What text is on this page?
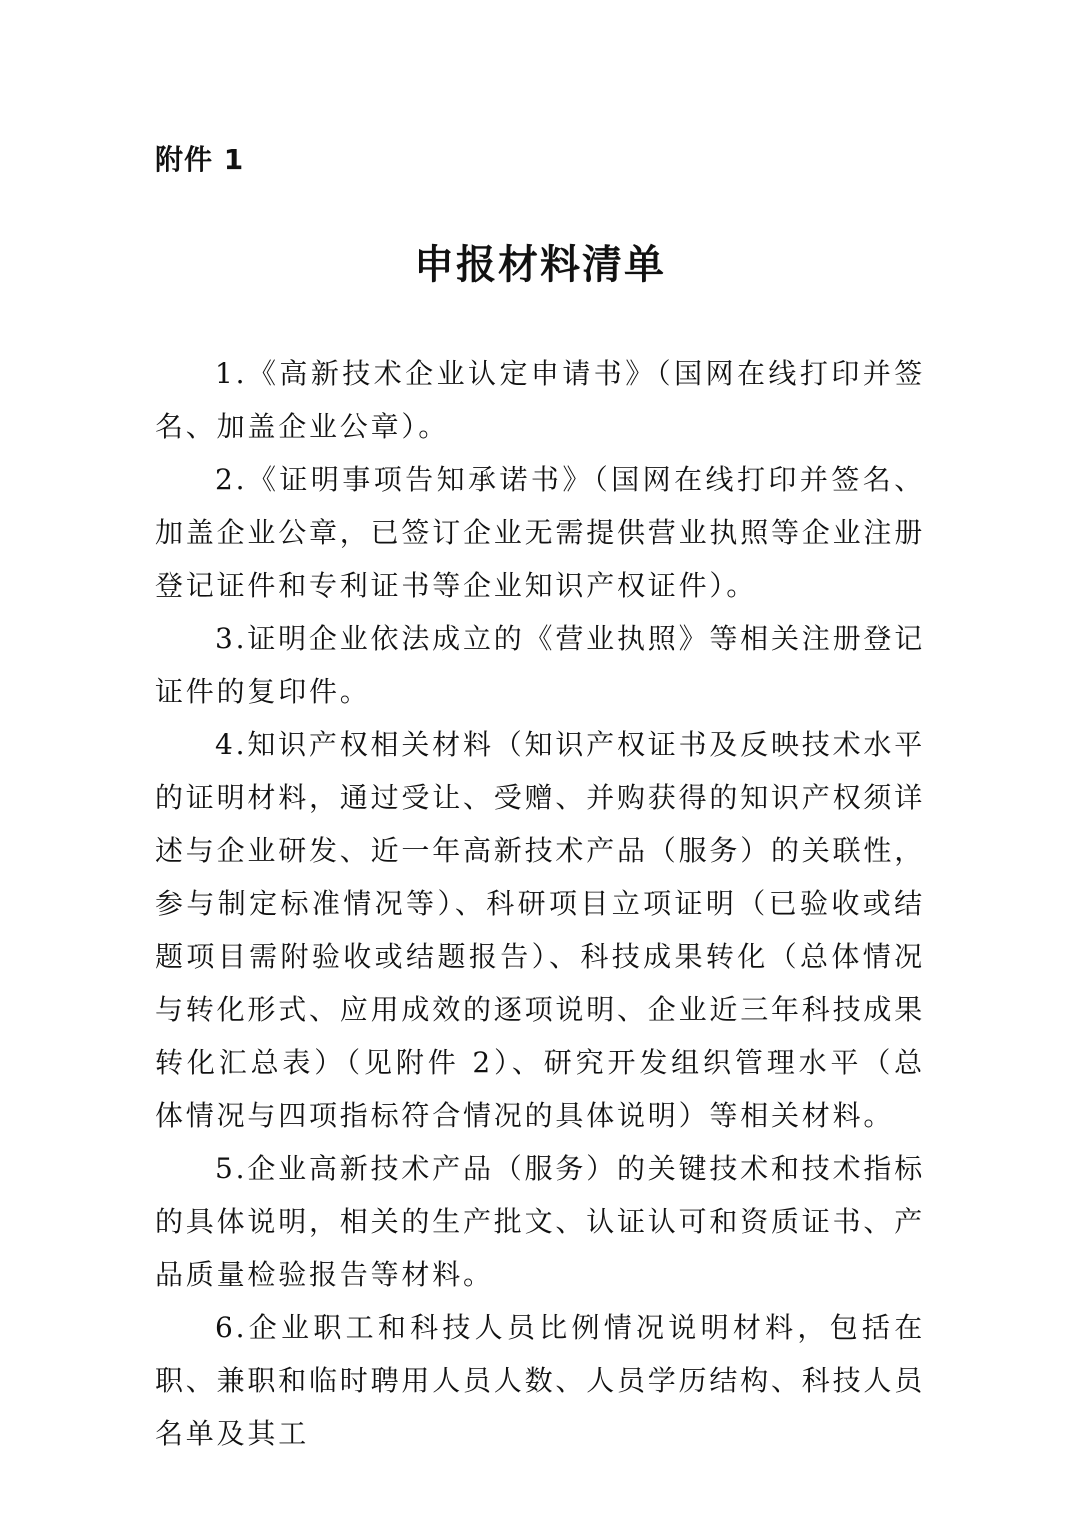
附件 1
申报材料清单

1.《高新技术企业认定申请书》（国网在线打印并签名、加盖企业公章）。

2.《证明事项告知承诺书》（国网在线打印并签名、加盖企业公章，已签订企业无需提供营业执照等企业注册登记证件和专利证书等企业知识产权证件）。

3.证明企业依法成立的《营业执照》等相关注册登记证件的复印件。

4.知识产权相关材料（知识产权证书及反映技术水平的证明材料，通过受让、受赠、并购获得的知识产权须详述与企业研发、近一年高新技术产品（服务）的关联性，参与制定标准情况等）、科研项目立项证明（已验收或结题项目需附验收或结题报告）、科技成果转化（总体情况与转化形式、应用成效的逐项说明、企业近三年科技成果转化汇总表）（见附件 2）、研究开发组织管理水平（总体情况与四项指标符合情况的具体说明）等相关材料。

5.企业高新技术产品（服务）的关键技术和技术指标的具体说明，相关的生产批文、认证认可和资质证书、产品质量检验报告等材料。

6.企业职工和科技人员比例情况说明材料，包括在职、兼职和临时聘用人员人数、人员学历结构、科技人员名单及其工
